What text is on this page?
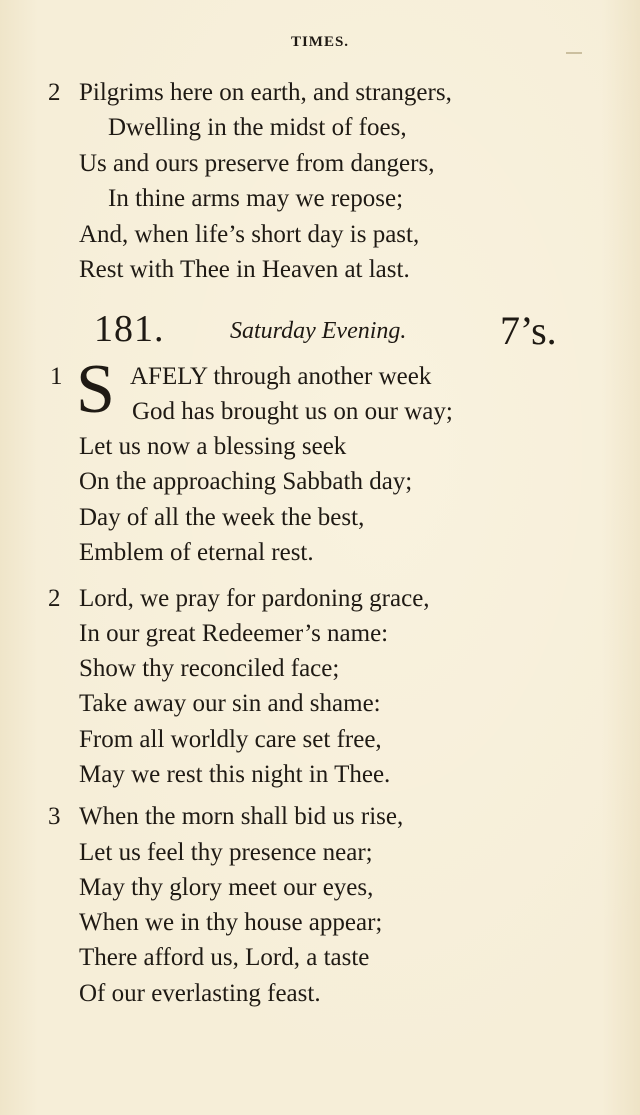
TIMES.
2 Pilgrims here on earth, and strangers,
Dwelling in the midst of foes,
Us and ours preserve from dangers,
In thine arms may we repose;
And, when life’s short day is past,
Rest with Thee in Heaven at last.
181.	Saturday Evening. 7’s.
1 S AFELY through another week
God has brought us on our way;
Let us now a blessing seek
On the approaching Sabbath day;
Day of all the week the best,
Emblem of eternal rest.
2 Lord, we pray for pardoning grace,
In our great Redeemer’s name:
Show thy reconciled face;
Take away our sin and shame:
From all worldly care set free,
May we rest this night in Thee.
3 When the morn shall bid us rise,
Let us feel thy presence near;
May thy glory meet our eyes,
When we in thy house appear;
There afford us, Lord, a taste
Of our everlasting feast.
